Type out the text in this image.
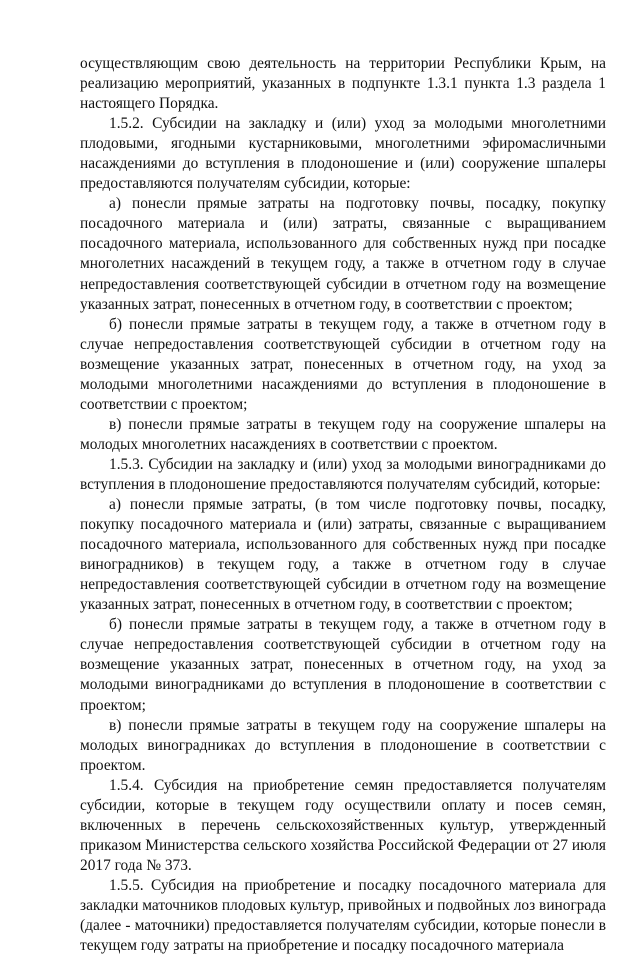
осуществляющим свою деятельность на территории Республики Крым, на реализацию мероприятий, указанных в подпункте 1.3.1 пункта 1.3 раздела 1 настоящего Порядка.

1.5.2. Субсидии на закладку и (или) уход за молодыми многолетними плодовыми, ягодными кустарниковыми, многолетними эфиромасличными насаждениями до вступления в плодоношение и (или) сооружение шпалеры предоставляются получателям субсидии, которые:

а) понесли прямые затраты на подготовку почвы, посадку, покупку посадочного материала и (или) затраты, связанные с выращиванием посадочного материала, использованного для собственных нужд при посадке многолетних насаждений в текущем году, а также в отчетном году в случае непредоставления соответствующей субсидии в отчетном году на возмещение указанных затрат, понесенных в отчетном году, в соответствии с проектом;

б) понесли прямые затраты в текущем году, а также в отчетном году в случае непредоставления соответствующей субсидии в отчетном году на возмещение указанных затрат, понесенных в отчетном году, на уход за молодыми многолетними насаждениями до вступления в плодоношение в соответствии с проектом;

в) понесли прямые затраты в текущем году на сооружение шпалеры на молодых многолетних насаждениях в соответствии с проектом.

1.5.3. Субсидии на закладку и (или) уход за молодыми виноградниками до вступления в плодоношение предоставляются получателям субсидий, которые:

а) понесли прямые затраты, (в том числе подготовку почвы, посадку, покупку посадочного материала и (или) затраты, связанные с выращиванием посадочного материала, использованного для собственных нужд при посадке виноградников) в текущем году, а также в отчетном году в случае непредоставления соответствующей субсидии в отчетном году на возмещение указанных затрат, понесенных в отчетном году, в соответствии с проектом;

б) понесли прямые затраты в текущем году, а также в отчетном году в случае непредоставления соответствующей субсидии в отчетном году на возмещение указанных затрат, понесенных в отчетном году, на уход за молодыми виноградниками до вступления в плодоношение в соответствии с проектом;

в) понесли прямые затраты в текущем году на сооружение шпалеры на молодых виноградниках до вступления в плодоношение в соответствии с проектом.

1.5.4. Субсидия на приобретение семян предоставляется получателям субсидии, которые в текущем году осуществили оплату и посев семян, включенных в перечень сельскохозяйственных культур, утвержденный приказом Министерства сельского хозяйства Российской Федерации от 27 июля 2017 года № 373.

1.5.5. Субсидия на приобретение и посадку посадочного материала для закладки маточников плодовых культур, привойных и подвойных лоз винограда (далее - маточники) предоставляется получателям субсидии, которые понесли в текущем году затраты на приобретение и посадку посадочного материала
